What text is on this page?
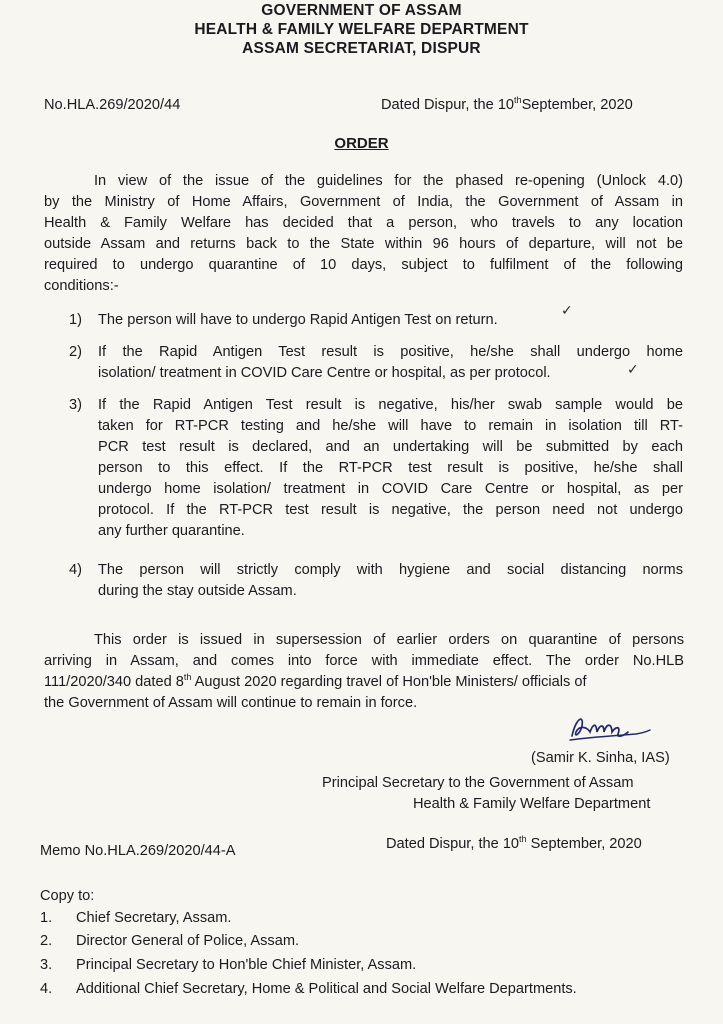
GOVERNMENT OF ASSAM
HEALTH & FAMILY WELFARE DEPARTMENT
ASSAM SECRETARIAT, DISPUR
No.HLA.269/2020/44	Dated Dispur, the 10thSeptember, 2020
ORDER
In view of the issue of the guidelines for the phased re-opening (Unlock 4.0)
by the Ministry of Home Affairs, Government of India, the Government of Assam in
Health & Family Welfare has decided that a person, who travels to any location
outside Assam and returns back to the State within 96 hours of departure, will not be
required to undergo quarantine of 10 days, subject to fulfilment of the following
conditions:-
1) The person will have to undergo Rapid Antigen Test on return.
✓
2) If the Rapid Antigen Test result is positive, he/she shall undergo home
isolation/ treatment in COVID Care Centre or hospital, as per protocol.	✓
3) If the Rapid Antigen Test result is negative, his/her swab sample would be
taken for RT-PCR testing and he/she will have to remain in isolation till RT-
PCR test result is declared, and an undertaking will be submitted by each
person to this effect. If the RT-PCR test result is positive, he/she shall
undergo home isolation/ treatment in COVID Care Centre or hospital, as per
protocol. If the RT-PCR test result is negative, the person need not undergo
any further quarantine.
4) The person will strictly comply with hygiene and social distancing norms
during the stay outside Assam.
This order is issued in supersession of earlier orders on quarantine of persons
arriving in Assam, and comes into force with immediate effect. The order No.HLB
111/2020/340 dated 8th August 2020 regarding travel of Hon'ble Ministers/ officials of
the Government of Assam will continue to remain in force.
(Samir K. Sinha, IAS)
Principal Secretary to the Government of Assam
Health & Family Welfare Department
Memo No.HLA.269/2020/44-A	Dated Dispur, the 10th September, 2020
Copy to:
1. Chief Secretary, Assam.
2. Director General of Police, Assam.
3. Principal Secretary to Hon'ble Chief Minister, Assam.
4. Additional Chief Secretary, Home & Political and Social Welfare Departments.
